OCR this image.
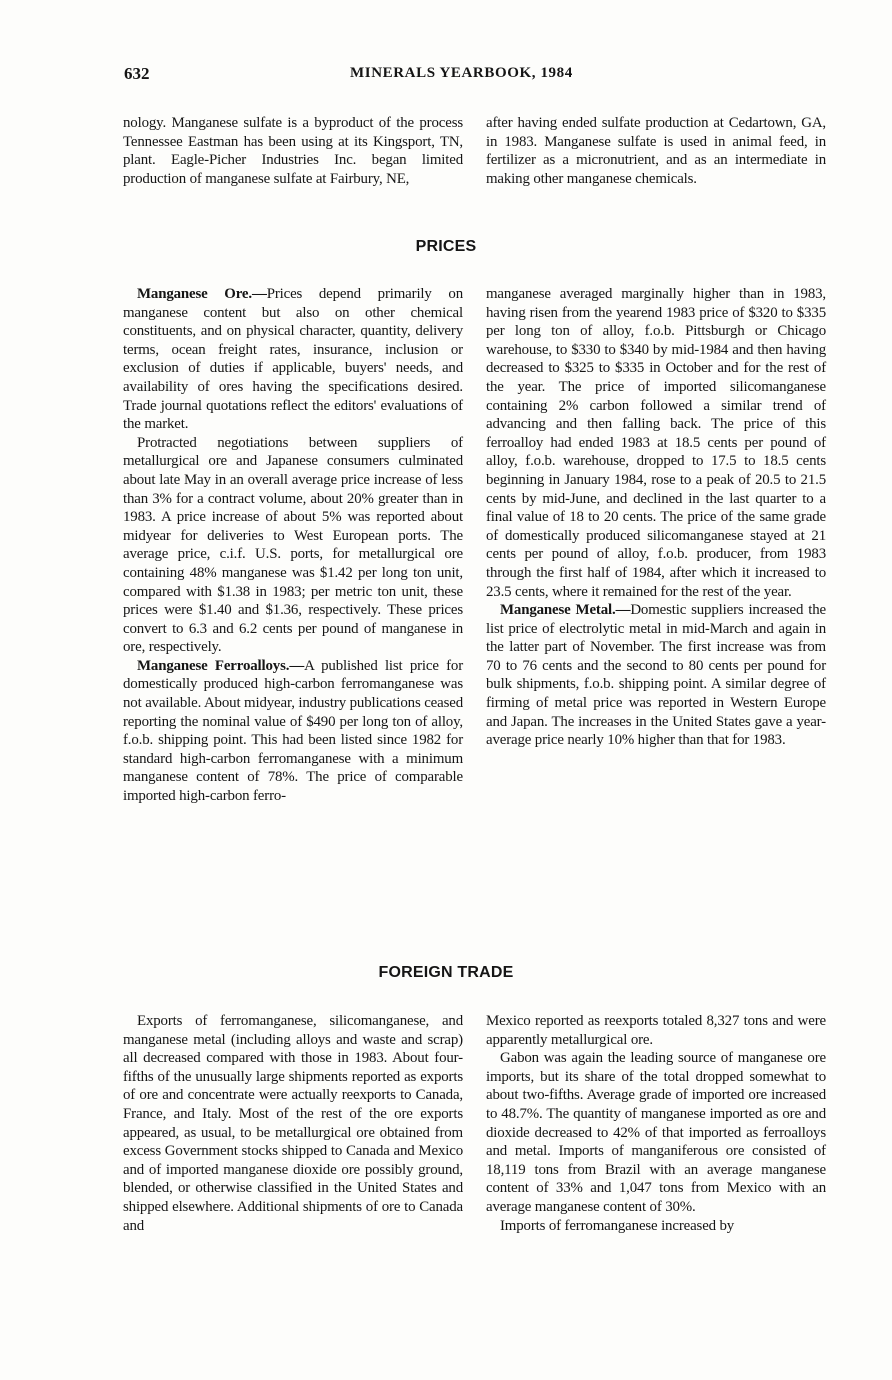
632	MINERALS YEARBOOK, 1984

nology. Manganese sulfate is a byproduct of the process Tennessee Eastman has been using at its Kingsport, TN, plant. Eagle-Picher Industries Inc. began limited production of manganese sulfate at Fairbury, NE,

after having ended sulfate production at Cedartown, GA, in 1983. Manganese sulfate is used in animal feed, in fertilizer as a micronutrient, and as an intermediate in making other manganese chemicals.

PRICES

Manganese Ore.—Prices depend primarily on manganese content but also on other chemical constituents, and on physical character, quantity, delivery terms, ocean freight rates, insurance, inclusion or exclusion of duties if applicable, buyers' needs, and availability of ores having the specifications desired. Trade journal quotations reflect the editors' evaluations of the market.

Protracted negotiations between suppliers of metallurgical ore and Japanese consumers culminated about late May in an overall average price increase of less than 3% for a contract volume, about 20% greater than in 1983. A price increase of about 5% was reported about midyear for deliveries to West European ports. The average price, c.i.f. U.S. ports, for metallurgical ore containing 48% manganese was $1.42 per long ton unit, compared with $1.38 in 1983; per metric ton unit, these prices were $1.40 and $1.36, respectively. These prices convert to 6.3 and 6.2 cents per pound of manganese in ore, respectively.

Manganese Ferroalloys.—A published list price for domestically produced high-carbon ferromanganese was not available. About midyear, industry publications ceased reporting the nominal value of $490 per long ton of alloy, f.o.b. shipping point. This had been listed since 1982 for standard high-carbon ferromanganese with a minimum manganese content of 78%. The price of comparable imported high-carbon ferro-

manganese averaged marginally higher than in 1983, having risen from the yearend 1983 price of $320 to $335 per long ton of alloy, f.o.b. Pittsburgh or Chicago warehouse, to $330 to $340 by mid-1984 and then having decreased to $325 to $335 in October and for the rest of the year. The price of imported silicomanganese containing 2% carbon followed a similar trend of advancing and then falling back. The price of this ferroalloy had ended 1983 at 18.5 cents per pound of alloy, f.o.b. warehouse, dropped to 17.5 to 18.5 cents beginning in January 1984, rose to a peak of 20.5 to 21.5 cents by mid-June, and declined in the last quarter to a final value of 18 to 20 cents. The price of the same grade of domestically produced silicomanganese stayed at 21 cents per pound of alloy, f.o.b. producer, from 1983 through the first half of 1984, after which it increased to 23.5 cents, where it remained for the rest of the year.

Manganese Metal.—Domestic suppliers increased the list price of electrolytic metal in mid-March and again in the latter part of November. The first increase was from 70 to 76 cents and the second to 80 cents per pound for bulk shipments, f.o.b. shipping point. A similar degree of firming of metal price was reported in Western Europe and Japan. The increases in the United States gave a year-average price nearly 10% higher than that for 1983.

FOREIGN TRADE

Exports of ferromanganese, silicomanganese, and manganese metal (including alloys and waste and scrap) all decreased compared with those in 1983. About four-fifths of the unusually large shipments reported as exports of ore and concentrate were actually reexports to Canada, France, and Italy. Most of the rest of the ore exports appeared, as usual, to be metallurgical ore obtained from excess Government stocks shipped to Canada and Mexico and of imported manganese dioxide ore possibly ground, blended, or otherwise classified in the United States and shipped elsewhere. Additional shipments of ore to Canada and

Mexico reported as reexports totaled 8,327 tons and were apparently metallurgical ore.

Gabon was again the leading source of manganese ore imports, but its share of the total dropped somewhat to about two-fifths. Average grade of imported ore increased to 48.7%. The quantity of manganese imported as ore and dioxide decreased to 42% of that imported as ferroalloys and metal. Imports of manganiferous ore consisted of 18,119 tons from Brazil with an average manganese content of 33% and 1,047 tons from Mexico with an average manganese content of 30%.

Imports of ferromanganese increased by
